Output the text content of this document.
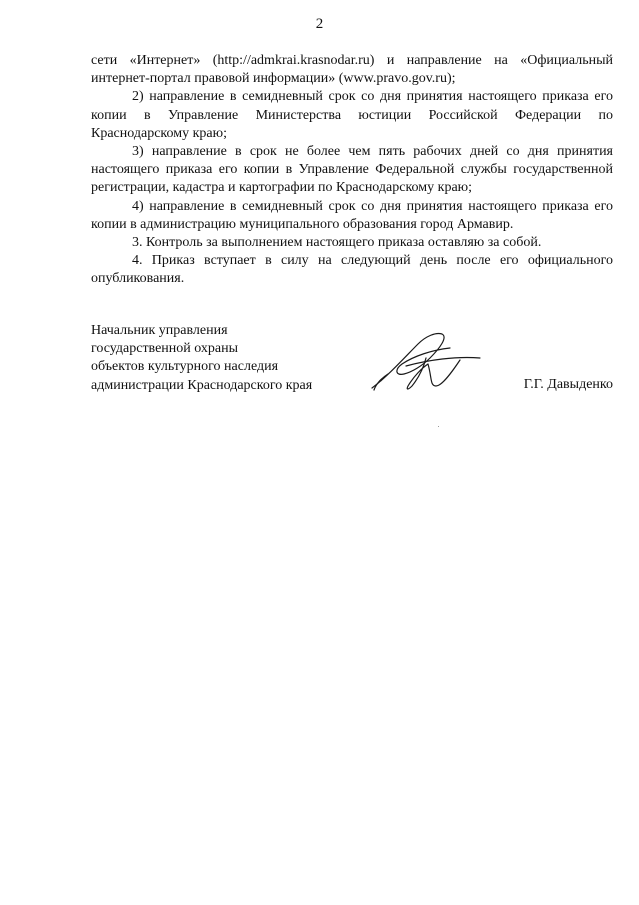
2

сети «Интернет» (http://admkrai.krasnodar.ru) и направление на «Официальный интернет-портал правовой информации» (www.pravo.gov.ru);

2) направление в семидневный срок со дня принятия настоящего приказа его копии в Управление Министерства юстиции Российской Федерации по Краснодарскому краю;

3) направление в срок не более чем пять рабочих дней со дня принятия настоящего приказа его копии в Управление Федеральной службы государственной регистрации, кадастра и картографии по Краснодарскому краю;

4) направление в семидневный срок со дня принятия настоящего приказа его копии в администрацию муниципального образования город Армавир.

3. Контроль за выполнением настоящего приказа оставляю за собой.

4. Приказ вступает в силу на следующий день после его официального опубликования.

Начальник управления
государственной охраны
объектов культурного наследия
администрации Краснодарского края	Г.Г. Давыденко
